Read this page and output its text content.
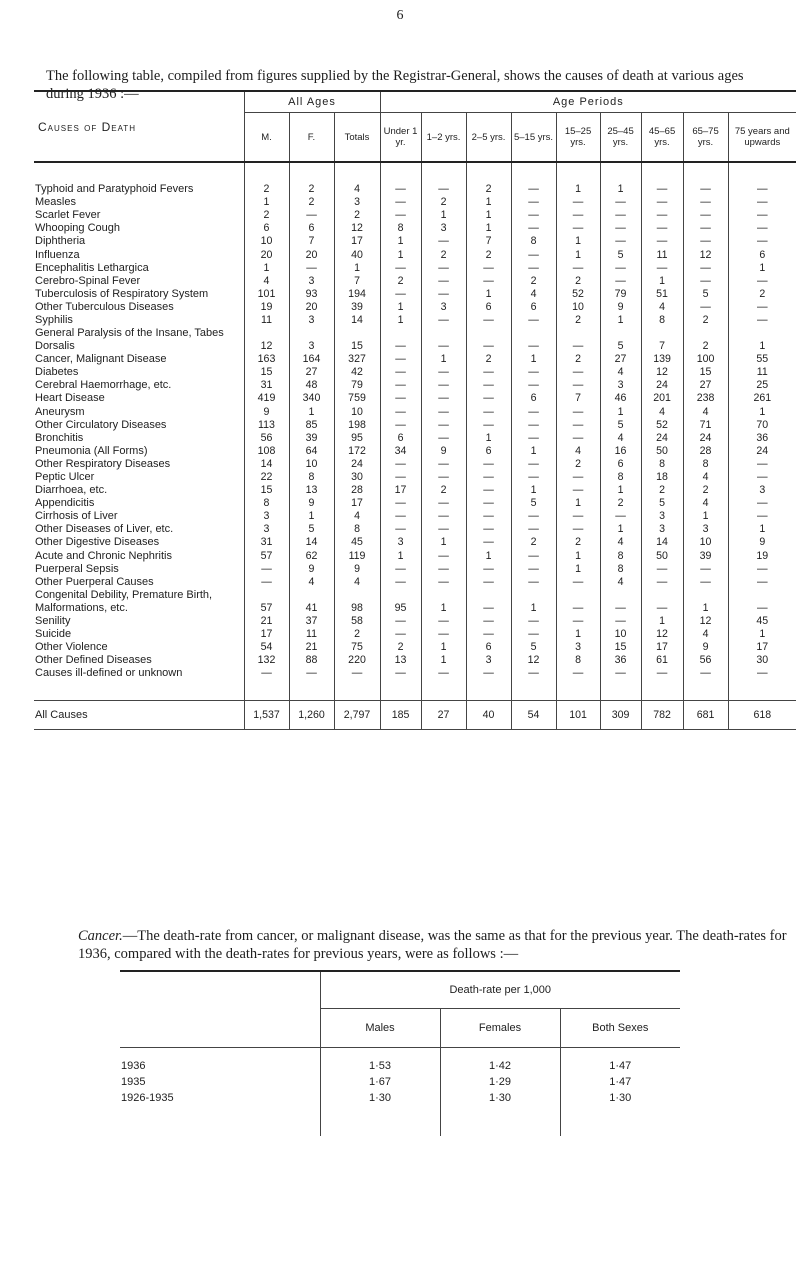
6

The following table, compiled from figures supplied by the Registrar-General, shows the causes of death at various ages during 1936 :—

Causes of Death	All Ages			Age Periods								
	M.	F.	Totals	Under 1 yr.	1–2 yrs.	2–5 yrs.	5–15 yrs.	15–25 yrs.	25–45 yrs.	45–65 yrs.	65–75 yrs.	75 years and upwards

Typhoid and Paratyphoid Fevers	2	2	4	—	—	2	—	1	1	—	—	—
Measles	1	2	3	—	2	1	—	—	—	—	—	—
Scarlet Fever	2	—	2	—	1	1	—	—	—	—	—	—
Whooping Cough	6	6	12	8	3	1	—	—	—	—	—	—
Diphtheria	10	7	17	1	—	7	8	1	—	—	—	—
Influenza	20	20	40	1	2	2	—	1	5	11	12	6
Encephalitis Lethargica	1	—	1	—	—	—	—	—	—	—	—	1
Cerebro-Spinal Fever	4	3	7	2	—	—	2	2	—	1	—	—
Tuberculosis of Respiratory System	101	93	194	—	—	1	4	52	79	51	5	2
Other Tuberculous Diseases	19	20	39	1	3	6	6	10	9	4	—	—
Syphilis	11	3	14	1	—	—	—	2	1	8	2	—
General Paralysis of the Insane, Tabes Dorsalis	12	3	15	—	—	—	—	—	5	7	2	1
Cancer, Malignant Disease	163	164	327	—	1	2	1	2	27	139	100	55
Diabetes	15	27	42	—	—	—	—	—	4	12	15	11
Cerebral Haemorrhage, etc.	31	48	79	—	—	—	—	—	3	24	27	25
Heart Disease	419	340	759	—	—	—	6	7	46	201	238	261
Aneurysm	9	1	10	—	—	—	—	—	1	4	4	1
Other Circulatory Diseases	113	85	198	—	—	—	—	—	5	52	71	70
Bronchitis	56	39	95	6	—	1	—	—	4	24	24	36
Pneumonia (All Forms)	108	64	172	34	9	6	1	4	16	50	28	24
Other Respiratory Diseases	14	10	24	—	—	—	—	2	6	8	8	—
Peptic Ulcer	22	8	30	—	—	—	—	—	8	18	4	—
Diarrhoea, etc.	15	13	28	17	2	—	1	—	1	2	2	3
Appendicitis	8	9	17	—	—	—	5	1	2	5	4	—
Cirrhosis of Liver	3	1	4	—	—	—	—	—	—	3	1	—
Other Diseases of Liver, etc.	3	5	8	—	—	—	—	—	1	3	3	1
Other Digestive Diseases	31	14	45	3	1	—	2	2	4	14	10	9
Acute and Chronic Nephritis	57	62	119	1	—	1	—	1	8	50	39	19
Puerperal Sepsis	—	9	9	—	—	—	—	1	8	—	—	—
Other Puerperal Causes	—	4	4	—	—	—	—	—	4	—	—	—
Congenital Debility, Premature Birth, Malformations, etc.	57	41	98	95	1	—	1	—	—	—	1	—
Senility	21	37	58	—	—	—	—	—	—	1	12	45
Suicide	17	11	2	—	—	—	—	1	10	12	4	1
Other Violence	54	21	75	2	1	6	5	3	15	17	9	17
Other Defined Diseases	132	88	220	13	1	3	12	8	36	61	56	30
Causes ill-defined or unknown	—	—	—	—	—	—	—	—	—	—	—	—

All Causes	1,537	1,260	2,797	185	27	40	54	101	309	782	681	618

Cancer.—The death-rate from cancer, or malignant disease, was the same as that for the previous year. The death-rates for 1936, compared with the death-rates for previous years, were as follows :—

	Death-rate per 1,000		
	Males	Females	Both Sexes

1936	1·53	1·42	1·47
1935	1·67	1·29	1·47
1926-1935	1·30	1·30	1·30
